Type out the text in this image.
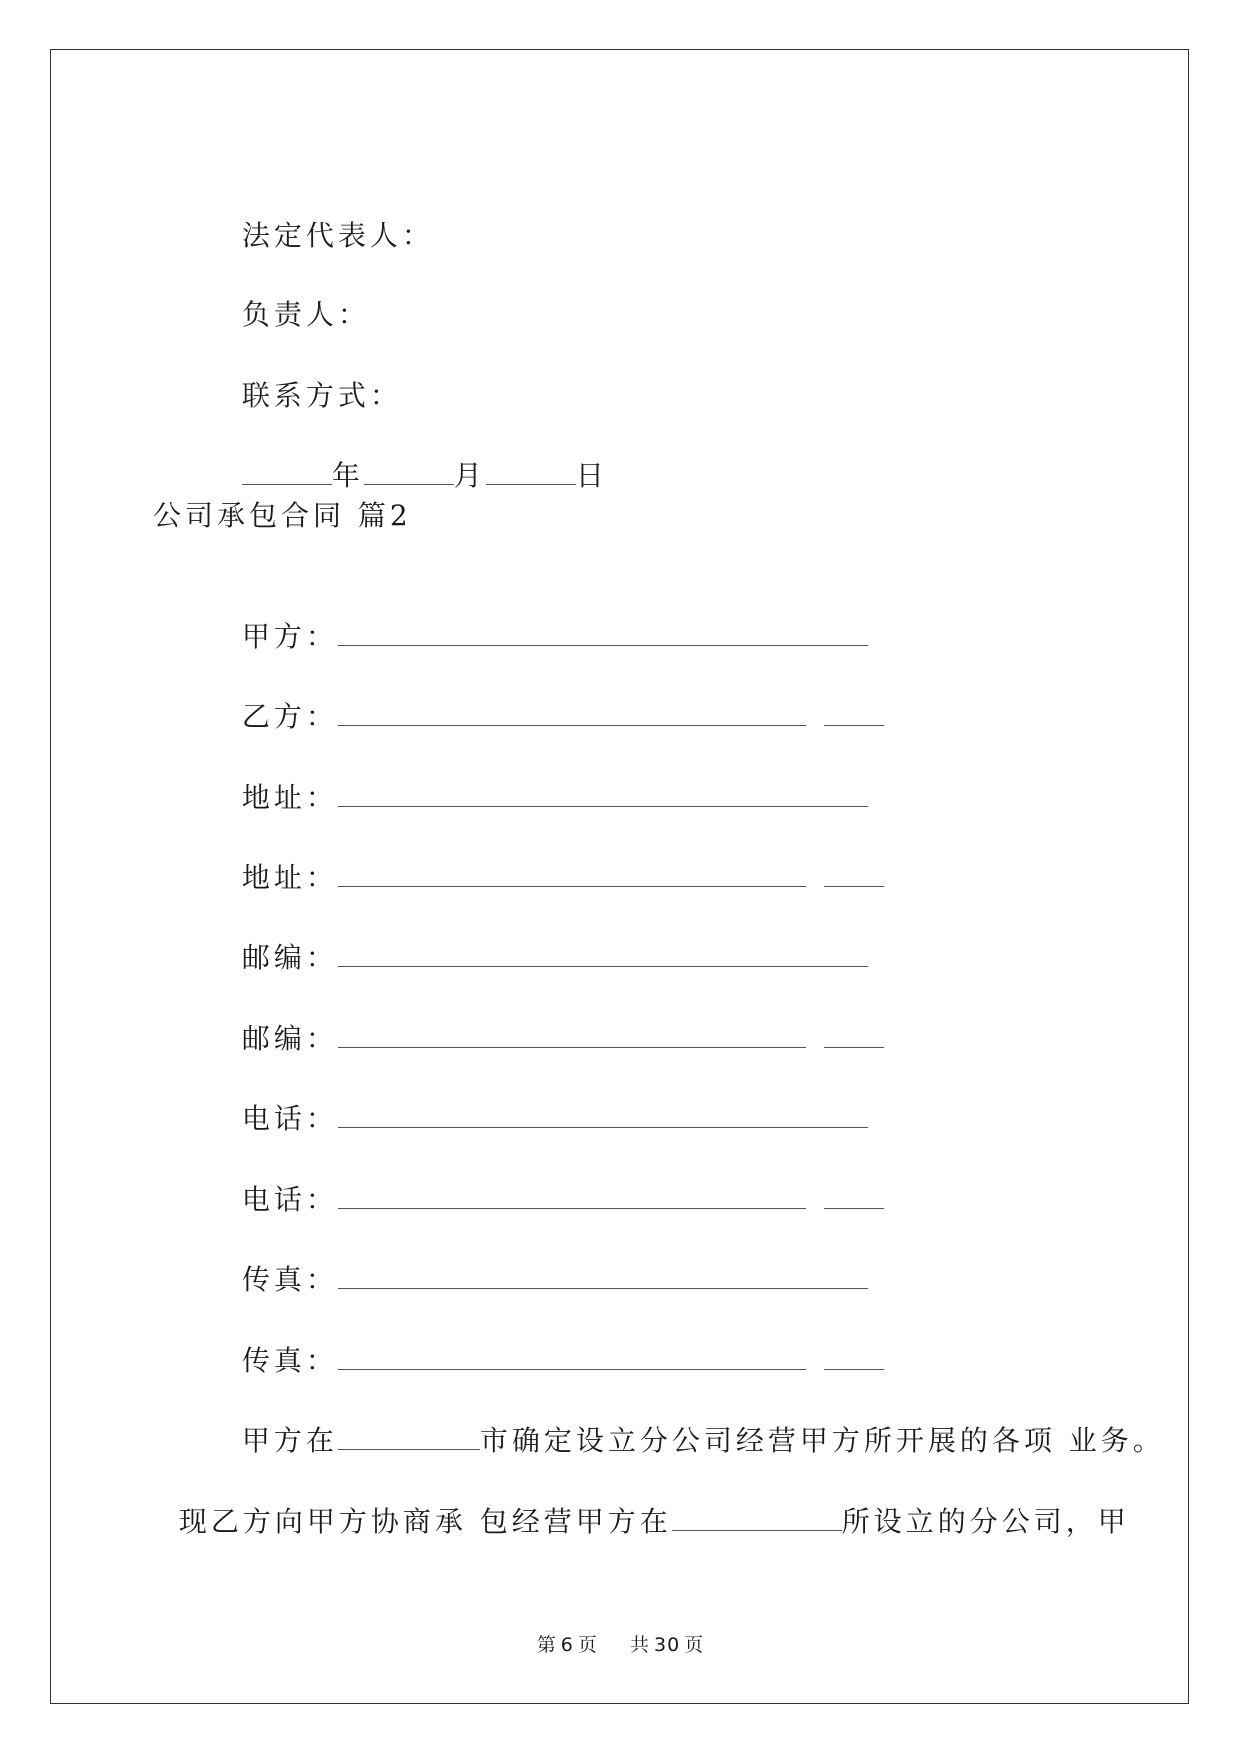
法定代表人：

负责人：

联系方式：

年	月	日

公司承包合同 篇2

甲方：

乙方：

地址：

地址：

邮编：

邮编：

电话：

电话：

传真：

传真：

甲方在	市确定设立分公司经营甲方所开展的各项 业务。

现乙方向甲方协商承 包经营甲方在	所设立的分公司，甲

第 6 页 共 30 页
